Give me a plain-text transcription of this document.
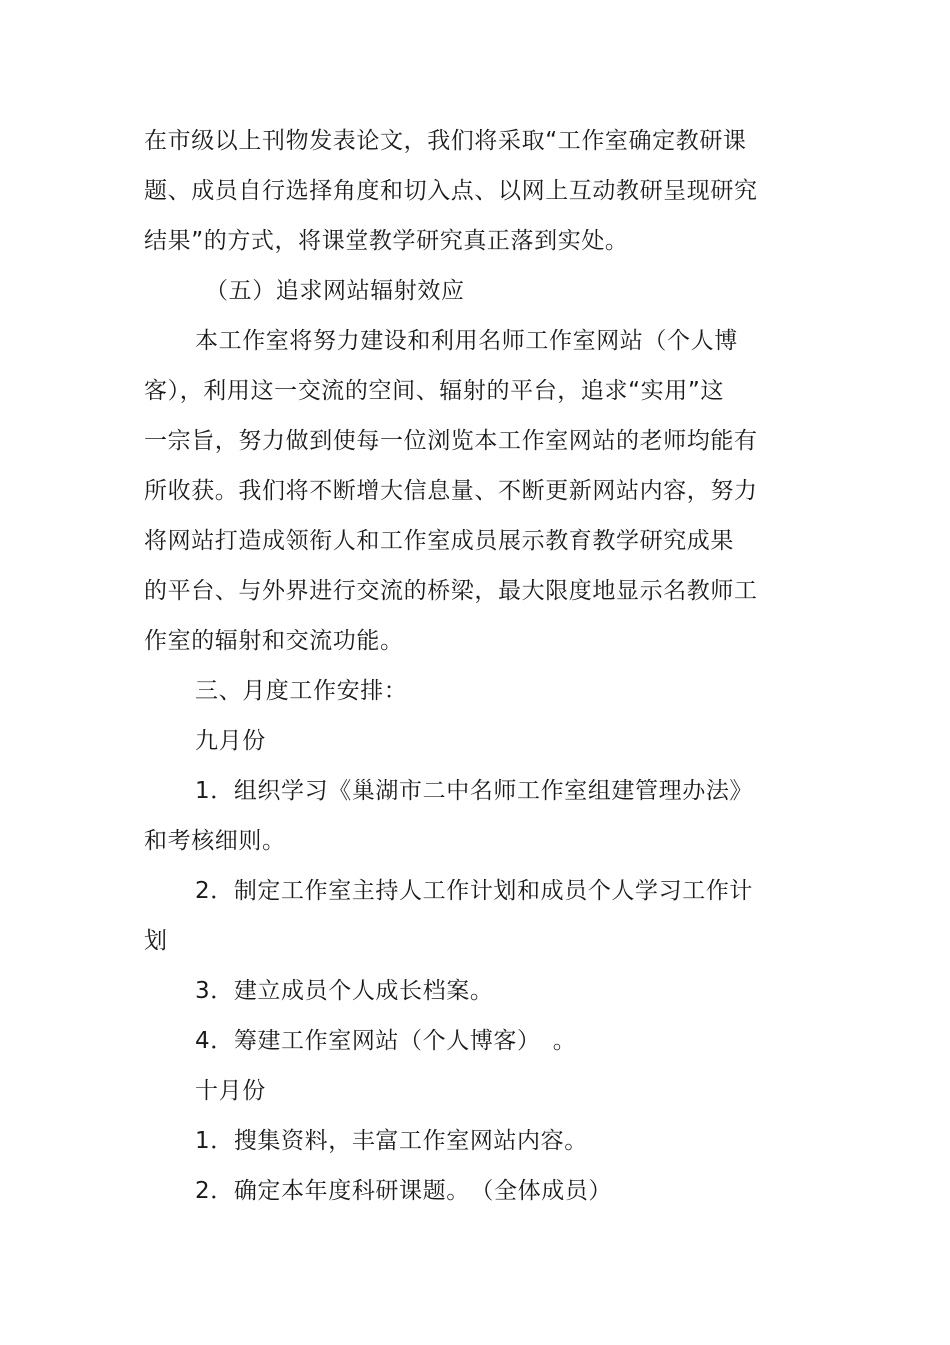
在市级以上刊物发表论文，我们将采取“工作室确定教研课
题、成员自行选择角度和切入点、以网上互动教研呈现研究
结果”的方式，将课堂教学研究真正落到实处。
（五）追求网站辐射效应
本工作室将努力建设和利用名师工作室网站（个人博
客），利用这一交流的空间、辐射的平台，追求“实用”这
一宗旨，努力做到使每一位浏览本工作室网站的老师均能有
所收获。我们将不断增大信息量、不断更新网站内容，努力
将网站打造成领衔人和工作室成员展示教育教学研究成果
的平台、与外界进行交流的桥梁，最大限度地显示名教师工
作室的辐射和交流功能。
三、月度工作安排：
九月份
1．组织学习《巢湖市二中名师工作室组建管理办法》
和考核细则。
2．制定工作室主持人工作计划和成员个人学习工作计
划
3．建立成员个人成长档案。
4．筹建工作室网站（个人博客）　。
十月份
1．搜集资料，丰富工作室网站内容。
2．确定本年度科研课题。　（全体成员）
